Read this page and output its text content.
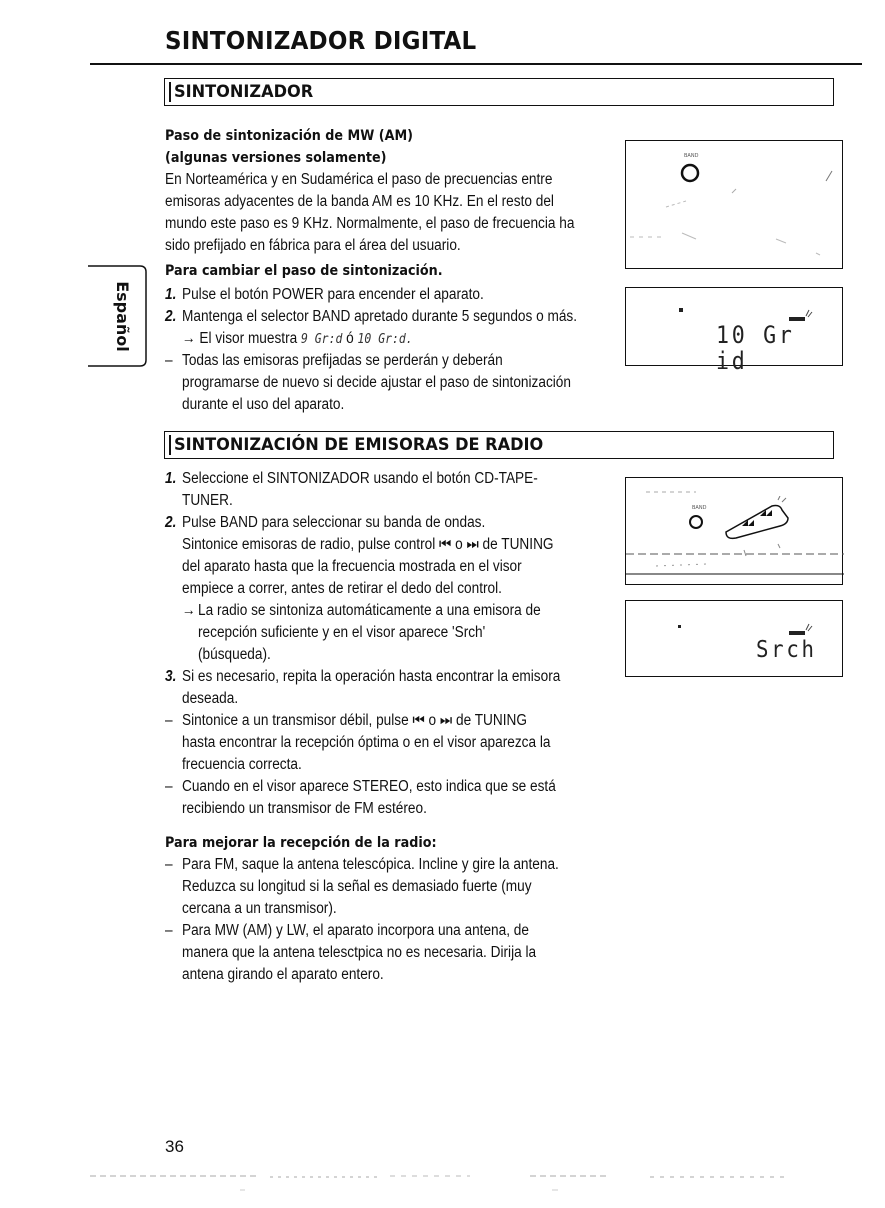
SINTONIZADOR DIGITAL
Español
SINTONIZADOR
Paso de sintonización de MW (AM)
(algunas versiones solamente)
En Norteamérica y en Sudamérica el paso de precuencias entre
emisoras adyacentes de la banda AM es 10 KHz. En el resto del
mundo este paso es 9 KHz. Normalmente, el paso de frecuencia ha
sido prefijado en fábrica para el área del usuario.
Para cambiar el paso de sintonización.
1. Pulse el botón POWER para encender el aparato.
2. Mantenga el selector BAND apretado durante 5 segundos o más.
→ El visor muestra 9 Gr:d ó 10 Gr:d.
– Todas las emisoras prefijadas se perderán y deberán
programarse de nuevo si decide ajustar el paso de sintonización
durante el uso del aparato.
BAND
10 Gr id
SINTONIZACIÓN DE EMISORAS DE RADIO
1. Seleccione el SINTONIZADOR usando el botón CD-TAPE-
TUNER.
2. Pulse BAND para seleccionar su banda de ondas.
Sintonice emisoras de radio, pulse control ⏮ o ⏭ de TUNING
del aparato hasta que la frecuencia mostrada en el visor
empiece a correr, antes de retirar el dedo del control.
→ La radio se sintoniza automáticamente a una emisora de
recepción suficiente y en el visor aparece 'Srch'
(búsqueda).
3. Si es necesario, repita la operación hasta encontrar la emisora
deseada.
– Sintonice a un transmisor débil, pulse ⏮ o ⏭ de TUNING
hasta encontrar la recepción óptima o en el visor aparezca la
frecuencia correcta.
– Cuando en el visor aparece STEREO, esto indica que se está
recibiendo un transmisor de FM estéreo.
Para mejorar la recepción de la radio:
– Para FM, saque la antena telescópica. Incline y gire la antena.
Reduzca su longitud si la señal es demasiado fuerte (muy
cercana a un transmisor).
– Para MW (AM) y LW, el aparato incorpora una antena, de
manera que la antena telesctpica no es necesaria. Dirija la
antena girando el aparato entero.
BAND
Srch
36
